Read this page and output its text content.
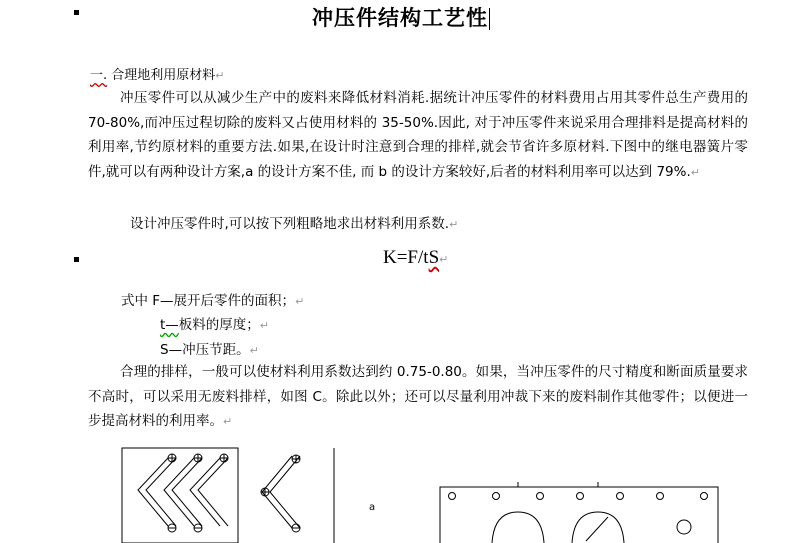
冲压件结构工艺性
一. 合理地利用原材料↵
冲压零件可以从减少生产中的废料来降低材料消耗.据统计冲压零件的材料费用占用其零件总生产费用的 70-80%,而冲压过程切除的废料又占使用材料的 35-50%.因此, 对于冲压零件来说采用合理排料是提高材料的利用率,节约原材料的重要方法.如果,在设计时注意到合理的排样,就会节省许多原材料.下图中的继电器簧片零件,就可以有两种设计方案,a 的设计方案不佳, 而 b 的设计方案较好,后者的材料利用率可以达到 79%.↵
设计冲压零件时,可以按下列粗略地求出材料利用系数.↵
K=F/tS↵
式中 F—展开后零件的面积；↵
t—板料的厚度；↵
S—冲压节距。↵
合理的排样，一般可以使材料利用系数达到约 0.75-0.80。如果，当冲压零件的尺寸精度和断面质量要求不高时，可以采用无废料排样，如图 C。除此以外；还可以尽量利用冲裁下来的废料制作其他零件；以便进一步提高材料的利用率。↵
a
